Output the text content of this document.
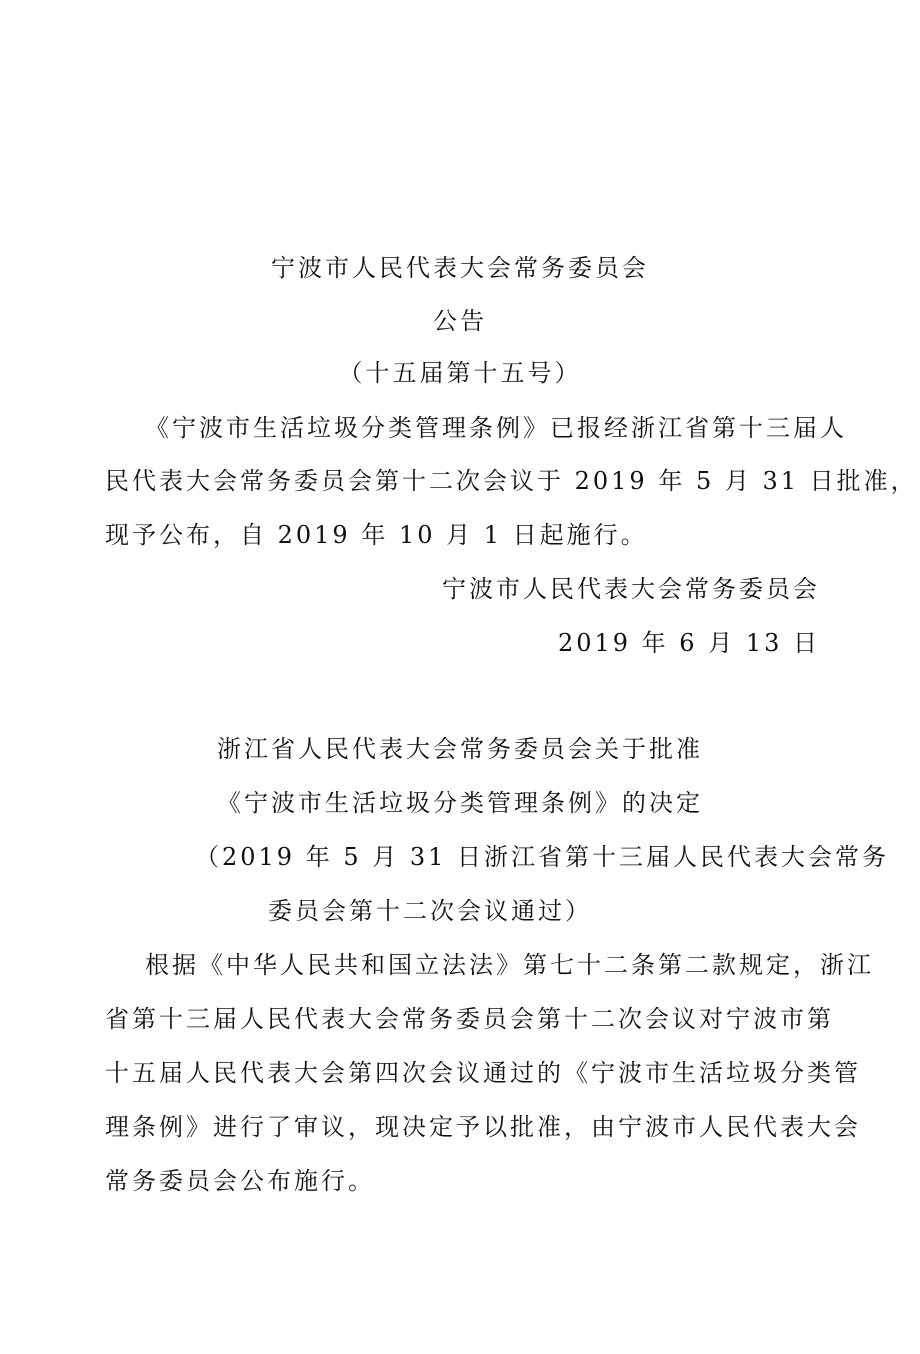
宁波市人民代表大会常务委员会
公告
（十五届第十五号）
《宁波市生活垃圾分类管理条例》已报经浙江省第十三届人
民代表大会常务委员会第十二次会议于 2019 年 5 月 31 日批准，
现予公布，自 2019 年 10 月 1 日起施行。
宁波市人民代表大会常务委员会
2019 年 6 月 13 日
浙江省人民代表大会常务委员会关于批准
《宁波市生活垃圾分类管理条例》的决定
（2019 年 5 月 31 日浙江省第十三届人民代表大会常务
委员会第十二次会议通过）
根据《中华人民共和国立法法》第七十二条第二款规定，浙江
省第十三届人民代表大会常务委员会第十二次会议对宁波市第
十五届人民代表大会第四次会议通过的《宁波市生活垃圾分类管
理条例》进行了审议，现决定予以批准，由宁波市人民代表大会
常务委员会公布施行。
